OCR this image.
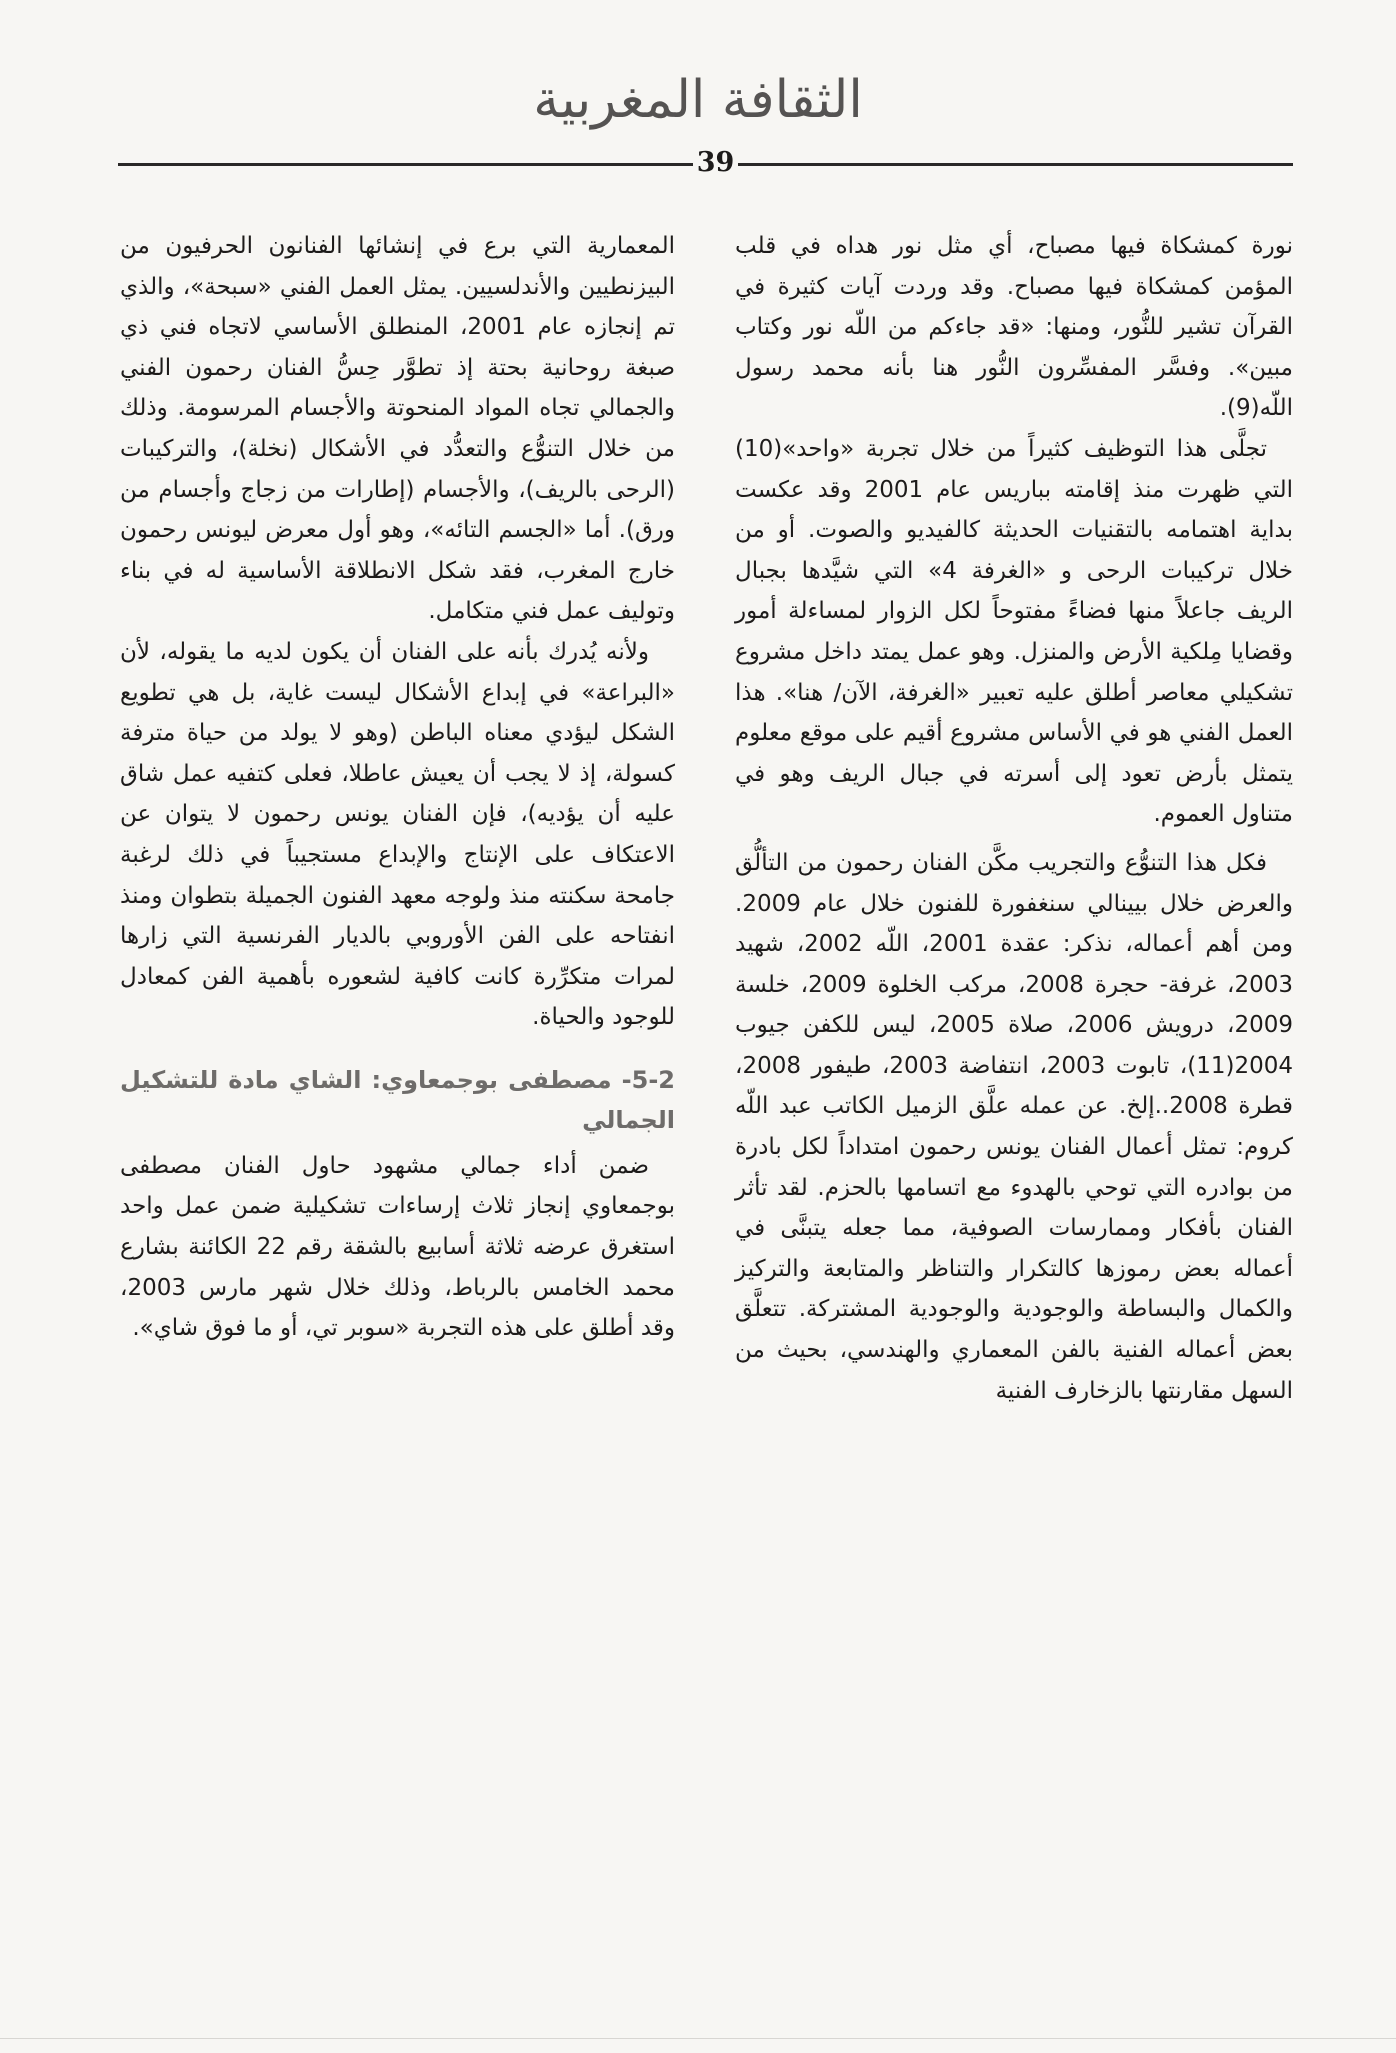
الثقافة المغربية
39

نورة كمشكاة فيها مصباح، أي مثل نور هداه في قلب المؤمن كمشكاة فيها مصباح. وقد وردت آيات كثيرة في القرآن تشير للنُّور، ومنها: «قد جاءكم من اللّه نور وكتاب مبين». وفسَّر المفسِّرون النُّور هنا بأنه محمد رسول اللّه(9).

تجلَّى هذا التوظيف كثيراً من خلال تجربة «واحد»(10) التي ظهرت منذ إقامته بباريس عام 2001 وقد عكست بداية اهتمامه بالتقنيات الحديثة كالفيديو والصوت. أو من خلال تركيبات الرحى و «الغرفة 4» التي شيَّدها بجبال الريف جاعلاً منها فضاءً مفتوحاً لكل الزوار لمساءلة أمور وقضايا مِلكية الأرض والمنزل. وهو عمل يمتد داخل مشروع تشكيلي معاصر أطلق عليه تعبير «الغرفة، الآن/ هنا». هذا العمل الفني هو في الأساس مشروع أقيم على موقع معلوم يتمثل بأرض تعود إلى أسرته في جبال الريف وهو في متناول العموم.

فكل هذا التنوُّع والتجريب مكَّن الفنان رحمون من التألُّق والعرض خلال بيينالي سنغفورة للفنون خلال عام 2009. ومن أهم أعماله، نذكر: عقدة 2001، اللّه 2002، شهيد 2003، غرفة- حجرة 2008، مركب الخلوة 2009، خلسة 2009، درويش 2006، صلاة 2005، ليس للكفن جيوب 2004(11)، تابوت 2003، انتفاضة 2003، طيفور 2008، قطرة 2008..إلخ. عن عمله علَّق الزميل الكاتب عبد اللّه كروم: تمثل أعمال الفنان يونس رحمون امتداداً لكل بادرة من بوادره التي توحي بالهدوء مع اتسامها بالحزم. لقد تأثر الفنان بأفكار وممارسات الصوفية، مما جعله يتبنَّى في أعماله بعض رموزها كالتكرار والتناظر والمتابعة والتركيز والكمال والبساطة والوجودية والوجودية المشتركة. تتعلَّق بعض أعماله الفنية بالفن المعماري والهندسي، بحيث من السهل مقارنتها بالزخارف الفنية

المعمارية التي برع في إنشائها الفنانون الحرفيون من البيزنطيين والأندلسيين. يمثل العمل الفني «سبحة»، والذي تم إنجازه عام 2001، المنطلق الأساسي لاتجاه فني ذي صبغة روحانية بحتة إذ تطوَّر حِسُّ الفنان رحمون الفني والجمالي تجاه المواد المنحوتة والأجسام المرسومة. وذلك من خلال التنوُّع والتعدُّد في الأشكال (نخلة)، والتركيبات (الرحى بالريف)، والأجسام (إطارات من زجاج وأجسام من ورق). أما «الجسم التائه»، وهو أول معرض ليونس رحمون خارج المغرب، فقد شكل الانطلاقة الأساسية له في بناء وتوليف عمل فني متكامل.

ولأنه يُدرك بأنه على الفنان أن يكون لديه ما يقوله، لأن «البراعة» في إبداع الأشكال ليست غاية، بل هي تطويع الشكل ليؤدي معناه الباطن (وهو لا يولد من حياة مترفة كسولة، إذ لا يجب أن يعيش عاطلا، فعلى كتفيه عمل شاق عليه أن يؤديه)، فإن الفنان يونس رحمون لا يتوان عن الاعتكاف على الإنتاج والإبداع مستجيباً في ذلك لرغبة جامحة سكنته منذ ولوجه معهد الفنون الجميلة بتطوان ومنذ انفتاحه على الفن الأوروبي بالديار الفرنسية التي زارها لمرات متكرِّرة كانت كافية لشعوره بأهمية الفن كمعادل للوجود والحياة.

5-2- مصطفى بوجمعاوي: الشاي مادة للتشكيل الجمالي

ضمن أداء جمالي مشهود حاول الفنان مصطفى بوجمعاوي إنجاز ثلاث إرساءات تشكيلية ضمن عمل واحد استغرق عرضه ثلاثة أسابيع بالشقة رقم 22 الكائنة بشارع محمد الخامس بالرباط، وذلك خلال شهر مارس 2003، وقد أطلق على هذه التجربة «سوبر تي، أو ما فوق شاي».
